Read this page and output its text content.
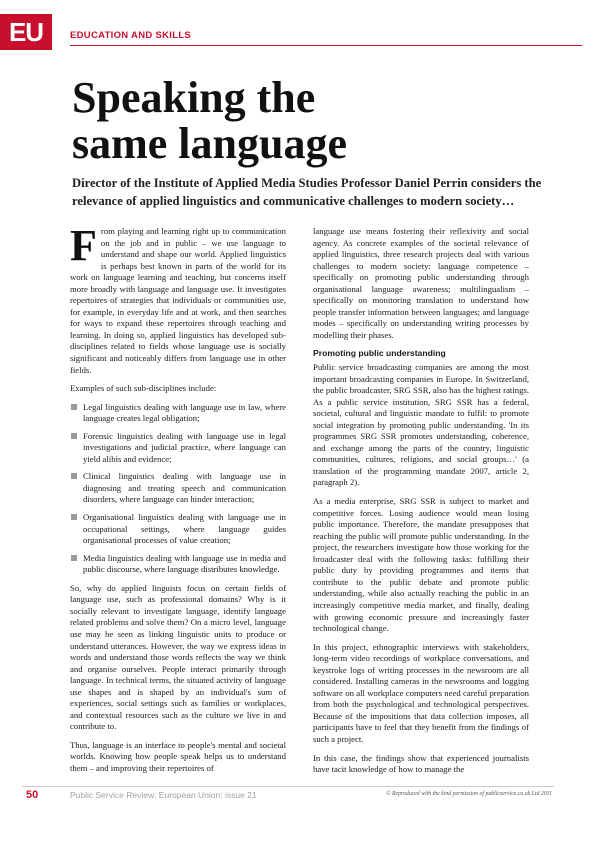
EU	EDUCATION AND SKILLS
Speaking the
same language

Director of the Institute of Applied Media Studies Professor Daniel Perrin considers the relevance of applied linguistics and communicative challenges to modern society…

From playing and learning right up to communication on the job and in public – we use language to understand and shape our world. Applied linguistics is perhaps best known in parts of the world for its work on language learning and teaching, but concerns itself more broadly with language and language use. It investigates repertoires of strategies that individuals or communities use, for example, in everyday life and at work, and then searches for ways to expand these repertoires through teaching and learning. In doing so, applied linguistics has developed sub-disciplines related to fields whose language use is socially significant and noticeably differs from language use in other fields.

Examples of such sub-disciplines include:

Legal linguistics dealing with language use in law, where language creates legal obligation;
Forensic linguistics dealing with language use in legal investigations and judicial practice, where language can yield alibis and evidence;
Clinical linguistics dealing with language use in diagnosing and treating speech and communication disorders, where language can hinder interaction;
Organisational linguistics dealing with language use in occupational settings, where language guides organisational processes of value creation;
Media linguistics dealing with language use in media and public discourse, where language distributes knowledge.

So, why do applied linguists focus on certain fields of language use, such as professional domains? Why is it socially relevant to investigate language, identify language related problems and solve them? On a micro level, language use may be seen as linking linguistic units to produce or understand utterances. However, the way we express ideas in words and understand those words reflects the way we think and organise ourselves. People interact primarily through language. In technical terms, the situated activity of language use shapes and is shaped by an individual's sum of experiences, social settings such as families or workplaces, and contextual resources such as the culture we live in and contribute to.

Thus, language is an interface to people's mental and societal worlds. Knowing how people speak helps us to understand them – and improving their repertoires of

language use means fostering their reflexivity and social agency. As concrete examples of the societal relevance of applied linguistics, three research projects deal with various challenges to modern society: language competence – specifically on promoting public understanding through organisational language awareness; multilingualism – specifically on monitoring translation to understand how people transfer information between languages; and language modes – specifically on understanding writing processes by modelling their phases.

Promoting public understanding

Public service broadcasting companies are among the most important broadcasting companies in Europe. In Switzerland, the public broadcaster, SRG SSR, also has the highest ratings. As a public service institution, SRG SSR has a federal, societal, cultural and linguistic mandate to fulfil: to promote social integration by promoting public understanding. 'In its programmes SRG SSR promotes understanding, coherence, and exchange among the parts of the country, linguistic communities, cultures, religions, and social groups…' (a translation of the programming mandate 2007, article 2, paragraph 2).

As a media enterprise, SRG SSR is subject to market and competitive forces. Losing audience would mean losing public importance. Therefore, the mandate presupposes that reaching the public will promote public understanding. In the project, the researchers investigate how those working for the broadcaster deal with the following tasks: fulfilling their public duty by providing programmes and items that contribute to the public debate and promote public understanding, while also actually reaching the public in an increasingly competitive media market, and finally, dealing with growing economic pressure and increasingly faster technological change.

In this project, ethnographic interviews with stakeholders, long-term video recordings of workplace conversations, and keystroke logs of writing processes in the newsroom are all considered. Installing cameras in the newsrooms and logging software on all workplace computers need careful preparation from both the psychological and technological perspectives. Because of the impositions that data collection imposes, all participants have to feel that they benefit from the findings of such a project.

In this case, the findings show that experienced journalists have tacit knowledge of how to manage the

50	Public Service Review: European Union: issue 21	© Reproduced with the kind permission of publicservice.co.uk Ltd 2011
